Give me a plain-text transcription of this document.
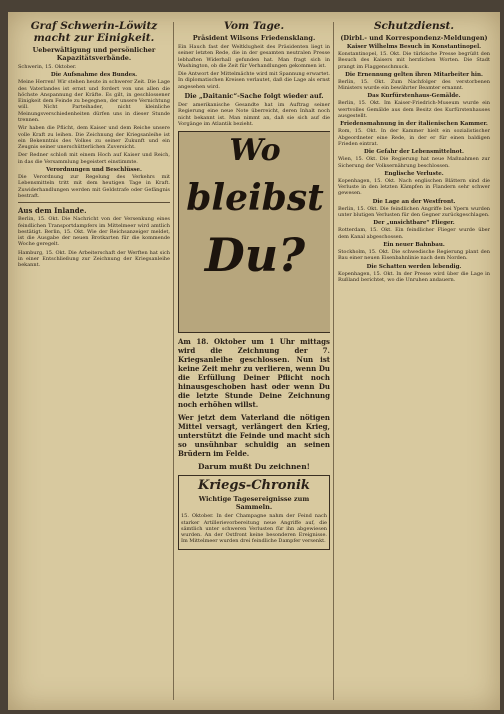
Graf Schwerin-Löwitz

macht zur Einigkeit.

Ueberwältigung und persönlicher Kapazitätsverbände.

Schwerin, 15. Oktober.

Die Aufsnahme des Bundes.

Meine Herren! Wir stehen heute in schwerer Zeit. Die Lage des Vaterlandes ist ernst und fordert von uns allen die höchste Anspannung der Kräfte. Es gilt, in geschlossener Einigkeit dem Feinde zu begegnen, der unsere Vernichtung will. Nicht Parteihader, nicht kleinliche Meinungsverschiedenheiten dürfen uns in dieser Stunde trennen.

Wir haben die Pflicht, dem Kaiser und dem Reiche unsere volle Kraft zu leihen. Die Zeichnung der Kriegsanleihe ist ein Bekenntnis des Volkes zu seiner Zukunft und ein Zeugnis seiner unerschütterlichen Zuversicht.

Der Redner schloß mit einem Hoch auf Kaiser und Reich, in das die Versammlung begeistert einstimmte.

Verordnungen und Beschlüsse.

Die Verordnung zur Regelung des Verkehrs mit Lebensmitteln tritt mit dem heutigen Tage in Kraft. Zuwiderhandlungen werden mit Geldstrafe oder Gefängnis bestraft.

Aus dem Inlande.

Berlin, 15. Okt. Die Nachricht von der Versenkung eines feindlichen Transportdampfers im Mittelmeer wird amtlich bestätigt. Berlin, 15. Okt. Wie der Reichsanzeiger meldet, ist die Ausgabe der neuen Brotkarten für die kommende Woche geregelt.

Hamburg, 15. Okt. Die Arbeiterschaft der Werften hat sich in einer Entschließung zur Zeichnung der Kriegsanleihe bekannt.

Vom Tage.

Präsident Wilsons Friedensklang.

Ein Hauch fast der Weltklugheit des Präsidenten liegt in seiner letzten Rede, die in der gesamten neutralen Presse lebhaften Widerhall gefunden hat. Man fragt sich in Washington, ob die Zeit für Verhandlungen gekommen ist.

Die Antwort der Mittelmächte wird mit Spannung erwartet. In diplomatischen Kreisen verlautet, daß die Lage als ernst angesehen wird.

Die „Daitanic“-Sache folgt wieder auf.

Der amerikanische Gesandte hat im Auftrag seiner Regierung eine neue Note überreicht, deren Inhalt noch nicht bekannt ist. Man nimmt an, daß sie sich auf die Vorgänge im Atlantik bezieht.

Wo
bleibst
Du?

Am 18. Oktober um 1 Uhr mittags wird die Zeichnung der 7. Kriegsanleihe geschlossen. Nun ist keine Zeit mehr zu verlieren, wenn Du die Erfüllung Deiner Pflicht noch hinausgeschoben hast oder wenn Du die letzte Stunde Deine Zeichnung noch erhöhen willst.

Wer jetzt dem Vaterland die nötigen Mittel versagt, verlängert den Krieg, unterstützt die Feinde und macht sich so unsühnbar schuldig an seinen Brüdern im Felde.

Darum mußt Du zeichnen!

Kriegs-Chronik

Wichtige Tagesereignisse zum Sammeln.

15. Oktober. In der Champagne nahm der Feind nach starker Artillerievorbereitung neue Angriffe auf, die sämtlich unter schweren Verlusten für ihn abgewiesen wurden. An der Ostfront keine besonderen Ereignisse. Im Mittelmeer wurden drei feindliche Dampfer versenkt.

Schutzdienst.

(Dirbl.- und Korrespondenz-Meldungen)

Kaiser Wilhelms Besuch in Konstantinopel.

Konstantinopel, 15. Okt. Die türkische Presse begrüßt den Besuch des Kaisers mit herzlichen Worten. Die Stadt prangt im Flaggenschmuck.

Die Ernennung gelten ihren Mitarbeiter hin.

Berlin, 15. Okt. Zum Nachfolger des verstorbenen Ministers wurde ein bewährter Beamter ernannt.

Das Kurfürstenhaus-Gemälde.

Berlin, 15. Okt. Im Kaiser-Friedrich-Museum wurde ein wertvolles Gemälde aus dem Besitz des Kurfürstenhauses ausgestellt.

Friedensmahnung in der italienischen Kammer.

Rom, 15. Okt. In der Kammer hielt ein sozialistischer Abgeordneter eine Rede, in der er für einen baldigen Frieden eintrat.

Die Gefahr der Lebensmittelnot.

Wien, 15. Okt. Die Regierung hat neue Maßnahmen zur Sicherung der Volksernährung beschlossen.

Englische Verluste.

Kopenhagen, 15. Okt. Nach englischen Blättern sind die Verluste in den letzten Kämpfen in Flandern sehr schwer gewesen.

Die Lage an der Westfront.

Berlin, 15. Okt. Die feindlichen Angriffe bei Ypern wurden unter blutigen Verlusten für den Gegner zurückgeschlagen.

Der „unsichtbare“ Flieger.

Rotterdam, 15. Okt. Ein feindlicher Flieger wurde über dem Kanal abgeschossen.

Ein neuer Bahnbau.

Stockholm, 15. Okt. Die schwedische Regierung plant den Bau einer neuen Eisenbahnlinie nach dem Norden.

Die Schatten werden lebendig.

Kopenhagen, 15. Okt. In der Presse wird über die Lage in Rußland berichtet, wo die Unruhen andauern.
